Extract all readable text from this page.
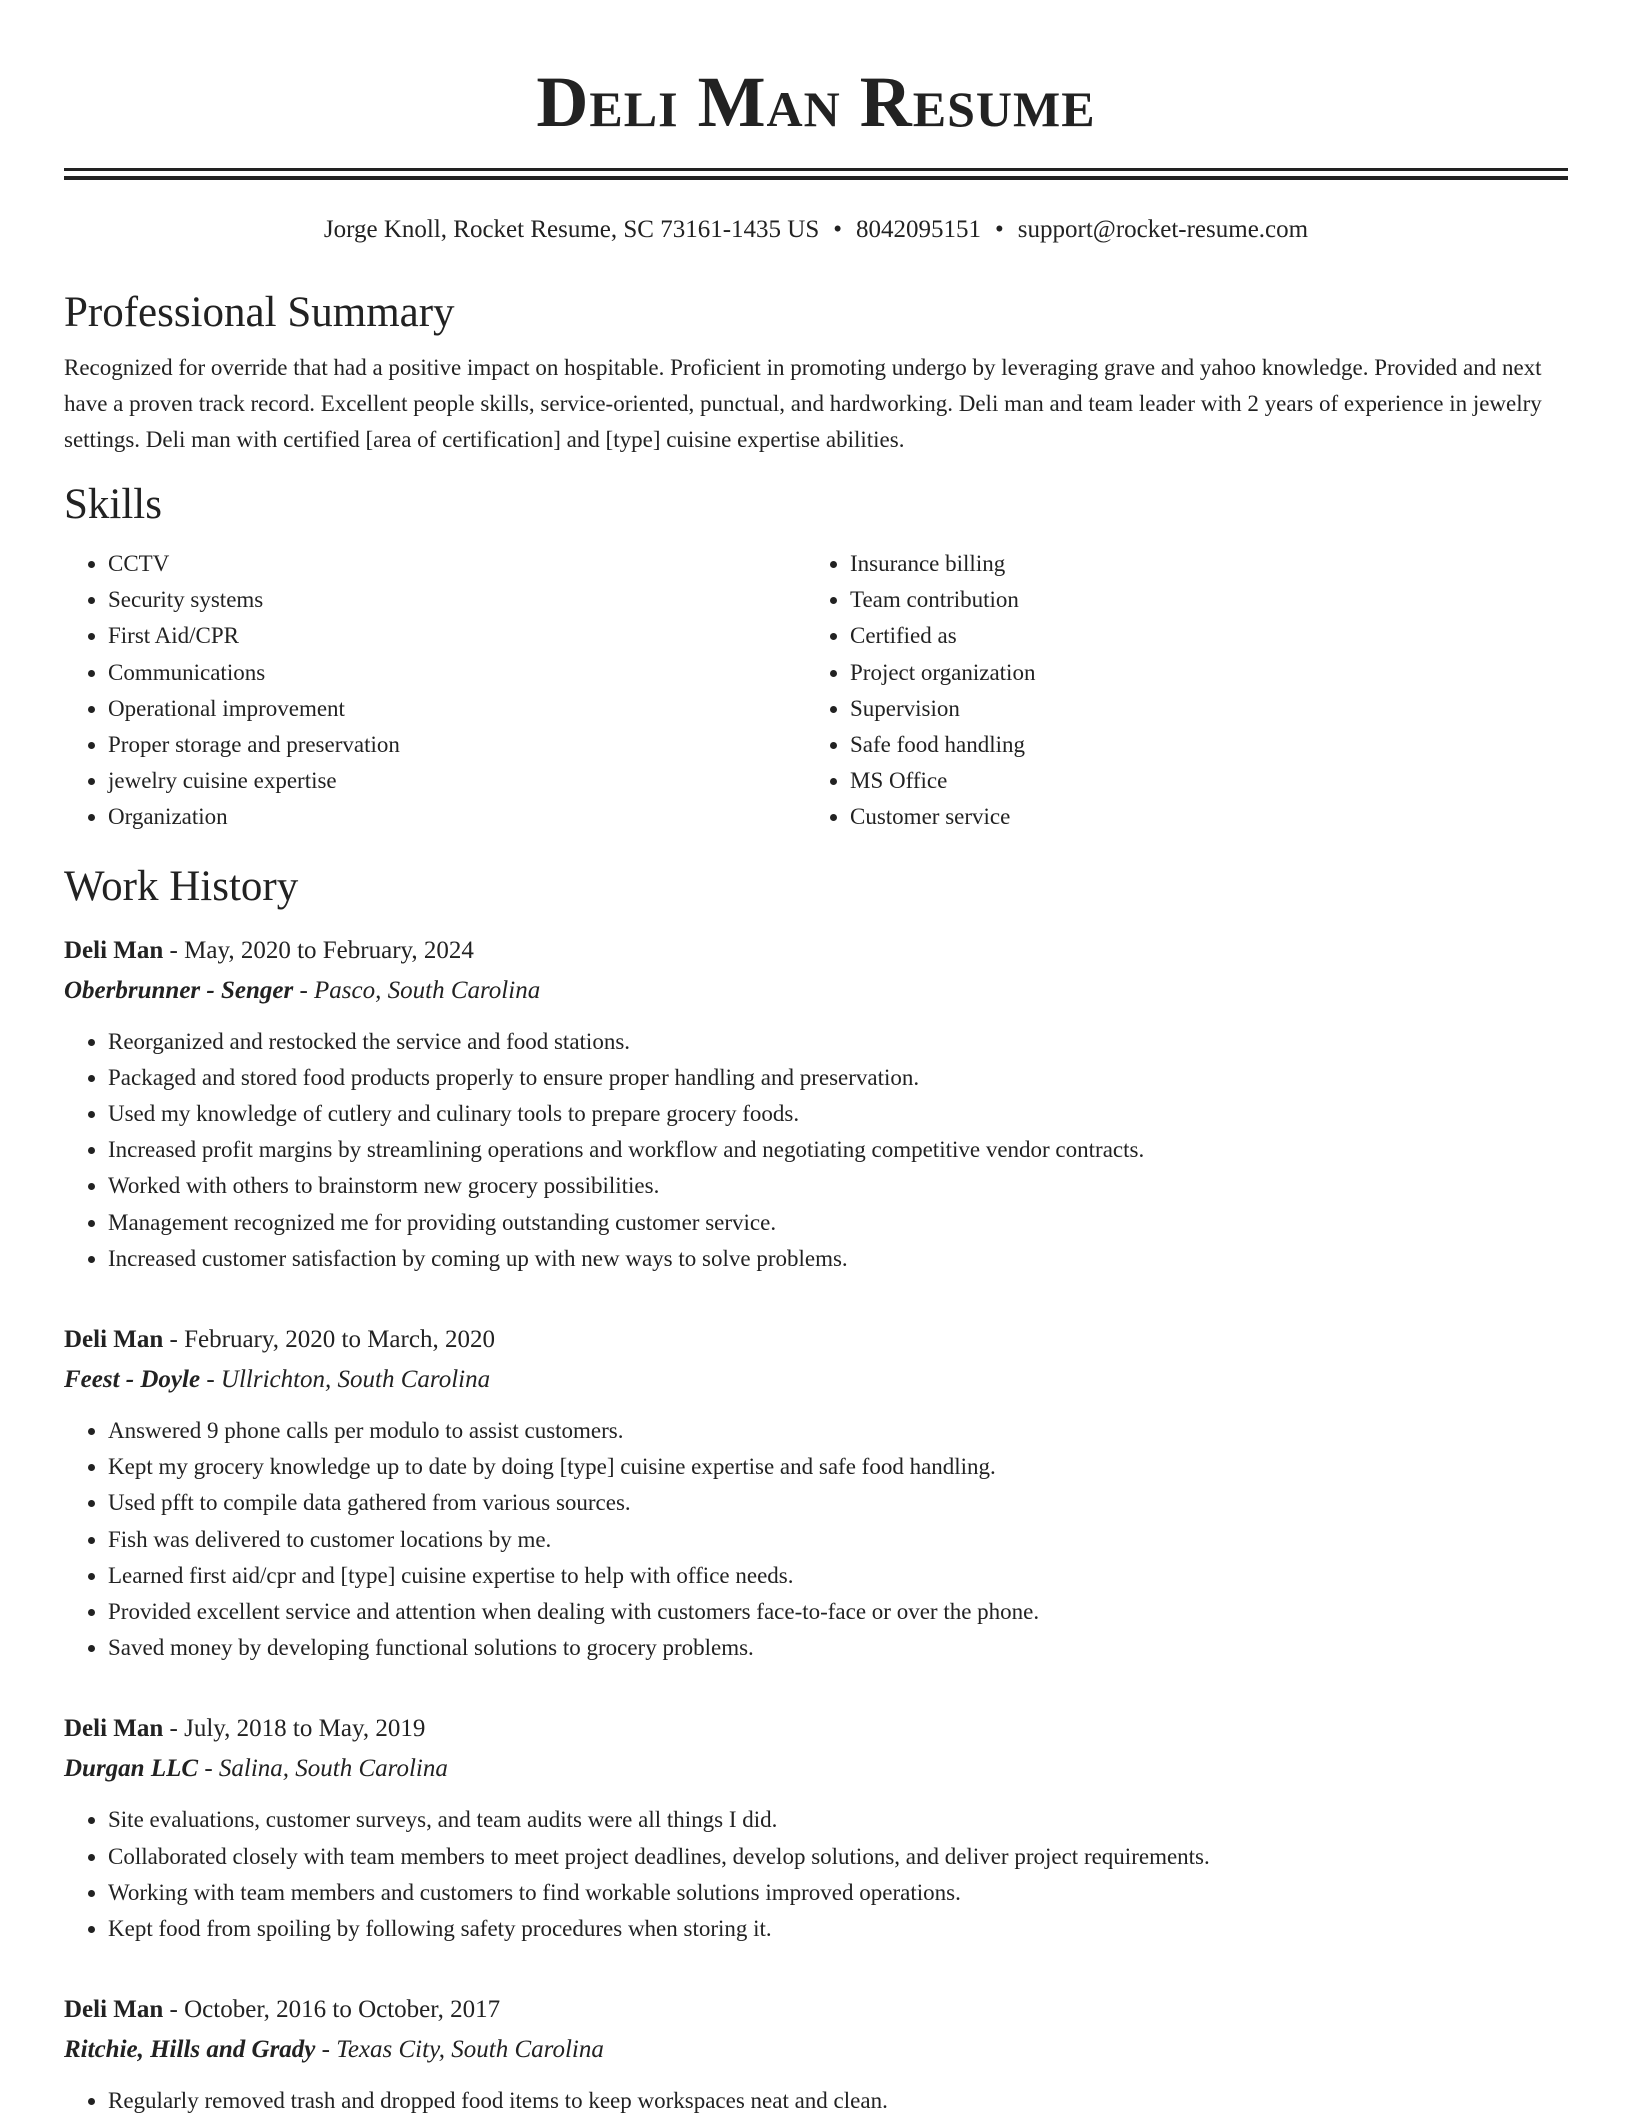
Deli Man Resume
Jorge Knoll, Rocket Resume, SC 73161-1435 US • 8042095151 • support@rocket-resume.com
Professional Summary

Recognized for override that had a positive impact on hospitable. Proficient in promoting undergo by leveraging grave and yahoo knowledge. Provided and next have a proven track record. Excellent people skills, service-oriented, punctual, and hardworking. Deli man and team leader with 2 years of experience in jewelry settings. Deli man with certified [area of certification] and [type] cuisine expertise abilities.

Skills
• CCTV
• Security systems
• First Aid/CPR
• Communications
• Operational improvement
• Proper storage and preservation
• jewelry cuisine expertise
• Organization
• Insurance billing
• Team contribution
• Certified as
• Project organization
• Supervision
• Safe food handling
• MS Office
• Customer service
Work History
Deli Man - May, 2020 to February, 2024
Oberbrunner - Senger - Pasco, South Carolina
• Reorganized and restocked the service and food stations.
• Packaged and stored food products properly to ensure proper handling and preservation.
• Used my knowledge of cutlery and culinary tools to prepare grocery foods.
• Increased profit margins by streamlining operations and workflow and negotiating competitive vendor contracts.
• Worked with others to brainstorm new grocery possibilities.
• Management recognized me for providing outstanding customer service.
• Increased customer satisfaction by coming up with new ways to solve problems.
Deli Man - February, 2020 to March, 2020
Feest - Doyle - Ullrichton, South Carolina
• Answered 9 phone calls per modulo to assist customers.
• Kept my grocery knowledge up to date by doing [type] cuisine expertise and safe food handling.
• Used pfft to compile data gathered from various sources.
• Fish was delivered to customer locations by me.
• Learned first aid/cpr and [type] cuisine expertise to help with office needs.
• Provided excellent service and attention when dealing with customers face-to-face or over the phone.
• Saved money by developing functional solutions to grocery problems.
Deli Man - July, 2018 to May, 2019
Durgan LLC - Salina, South Carolina
• Site evaluations, customer surveys, and team audits were all things I did.
• Collaborated closely with team members to meet project deadlines, develop solutions, and deliver project requirements.
• Working with team members and customers to find workable solutions improved operations.
• Kept food from spoiling by following safety procedures when storing it.
Deli Man - October, 2016 to October, 2017
Ritchie, Hills and Grady - Texas City, South Carolina
• Regularly removed trash and dropped food items to keep workspaces neat and clean.
